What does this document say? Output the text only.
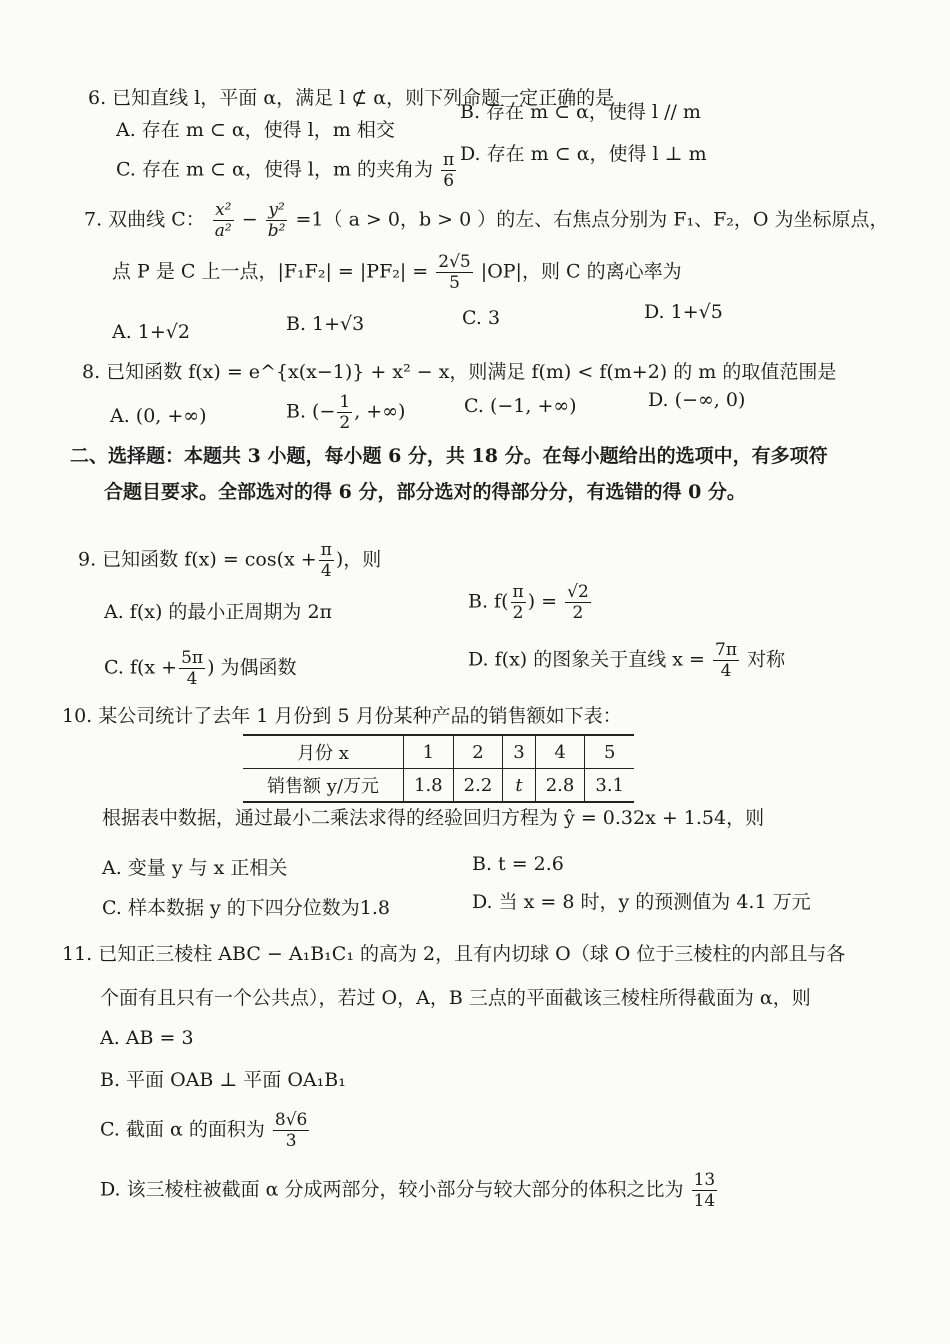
6. 已知直线 l，平面 α，满足 l ⊄ α，则下列命题一定正确的是
A. 存在 m ⊂ α，使得 l，m 相交
B. 存在 m ⊂ α，使得 l // m
C. 存在 m ⊂ α，使得 l，m 的夹角为 $\frac{\pi}{6} D$. 存在 m ⊂ α，使得 l ⊥ m
7. 双曲线 C： $\frac{\text{x²}}{\text{a²}} - \frac{\text{y²}}{\text{b²}} =1$（ a > 0，b > 0 ）的左、右焦点分别为 F₁、F₂，O 为坐标原点，
点 P 是 C 上一点，$|F_1F_2| = |PF_2| = \frac{2√5}{5} |OP|$，则 C 的离心率为
A. 1+√2	B. 1+√3	C. 3	D. 1+√5
8. 已知函数 f(x) = e^{x(x−1)} + x² − x，则满足 f(m) < f(m+2) 的 m 的取值范围是
A. (0, +∞)	B. (− $\frac{1}{2}$ , +∞)	C. (−1, +∞)	D. (−∞, 0)
二、选择题：本题共 3 小题，每小题 6 分，共 18 分。在每小题给出的选项中，有多项符
合题目要求。全部选对的得 6 分，部分选对的得部分分，有选错的得 0 分。
9. 已知函数 $f(x) = \cos(x + \frac{\pi}{4}$ )，则
A. f(x) 的最小正周期为 2π	B. $f( \frac{\pi}{2}$ ) = $\frac{√2}{2}$
C. $f(x + \frac{5\pi}{4}$ ) 为偶函数	D. f(x) 的图象关于直线 $x = \frac{7\pi}{4}$ 对称
10. 某公司统计了去年 1 月份到 5 月份某种产品的销售额如下表：
月份 x	1	2	3	4	5
销售额 y/万元	1.8	2.2	t	2.8	3.1
根据表中数据，通过最小二乘法求得的经验回归方程为 ŷ = 0.32x + 1.54，则
A. 变量 y 与 x 正相关	B. t = 2.6
C. 样本数据 y 的下四分位数为1.8	D. 当 x = 8 时，y 的预测值为 4.1 万元
11. 已知正三棱柱 ABC − A₁B₁C₁ 的高为 2，且有内切球 O（球 O 位于三棱柱的内部且与各
个面有且只有一个公共点），若过 O，A，B 三点的平面截该三棱柱所得截面为 α，则
A. AB = 3
B. 平面 OAB ⊥ 平面 OA₁B₁
C. 截面 α 的面积为 $\frac{8√6}{3}$
D. 该三棱柱被截面 α 分成两部分，较小部分与较大部分的体积之比为 $\frac{13}{14}$
